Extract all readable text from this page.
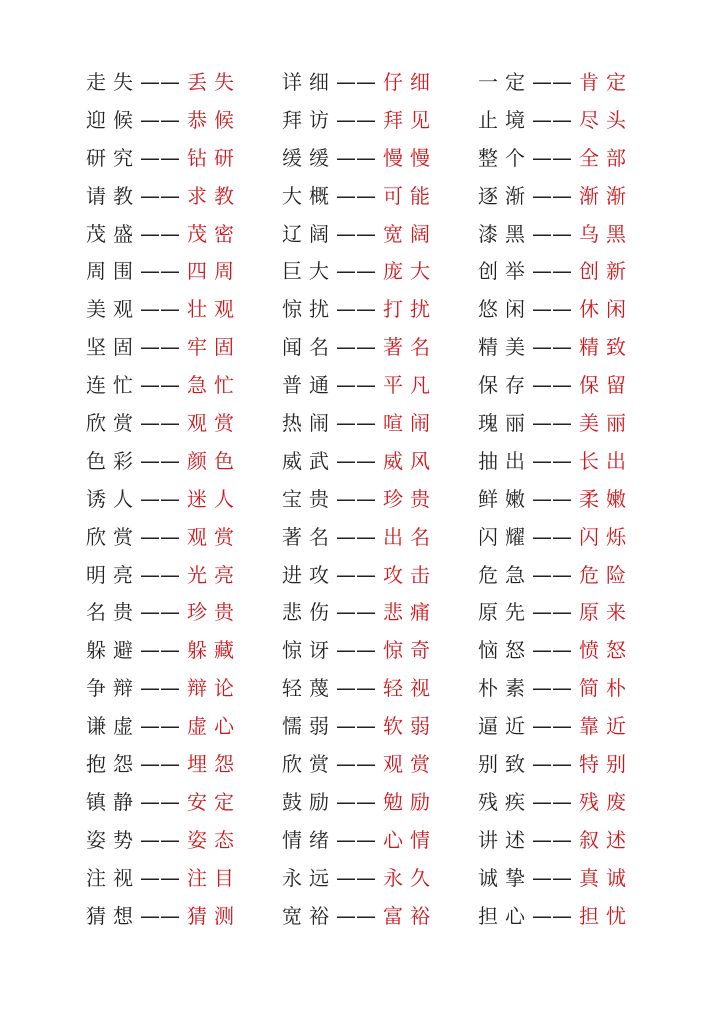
走失 —— 丢失 详细 —— 仔细 一定 —— 肯定
迎候 —— 恭候 拜访 —— 拜见 止境 —— 尽头
研究 —— 钻研 缓缓 —— 慢慢 整个 —— 全部
请教 —— 求教 大概 —— 可能 逐渐 —— 渐渐
茂盛 —— 茂密 辽阔 —— 宽阔 漆黑 —— 乌黑
周围 —— 四周 巨大 —— 庞大 创举 —— 创新
美观 —— 壮观 惊扰 —— 打扰 悠闲 —— 休闲
坚固 —— 牢固 闻名 —— 著名 精美 —— 精致
连忙 —— 急忙 普通 —— 平凡 保存 —— 保留
欣赏 —— 观赏 热闹 —— 喧闹 瑰丽 —— 美丽
色彩 —— 颜色 威武 —— 威风 抽出 —— 长出
诱人 —— 迷人 宝贵 —— 珍贵 鲜嫩 —— 柔嫩
欣赏 —— 观赏 著名 —— 出名 闪耀 —— 闪烁
明亮 —— 光亮 进攻 —— 攻击 危急 —— 危险
名贵 —— 珍贵 悲伤 —— 悲痛 原先 —— 原来
躲避 —— 躲藏 惊讶 —— 惊奇 恼怒 —— 愤怒
争辩 —— 辩论 轻蔑 —— 轻视 朴素 —— 简朴
谦虚 —— 虚心 懦弱 —— 软弱 逼近 —— 靠近
抱怨 —— 埋怨 欣赏 —— 观赏 别致 —— 特别
镇静 —— 安定 鼓励 —— 勉励 残疾 —— 残废
姿势 —— 姿态 情绪 —— 心情 讲述 —— 叙述
注视 —— 注目 永远 —— 永久 诚挚 —— 真诚
猜想 —— 猜测 宽裕 —— 富裕 担心 —— 担忧
